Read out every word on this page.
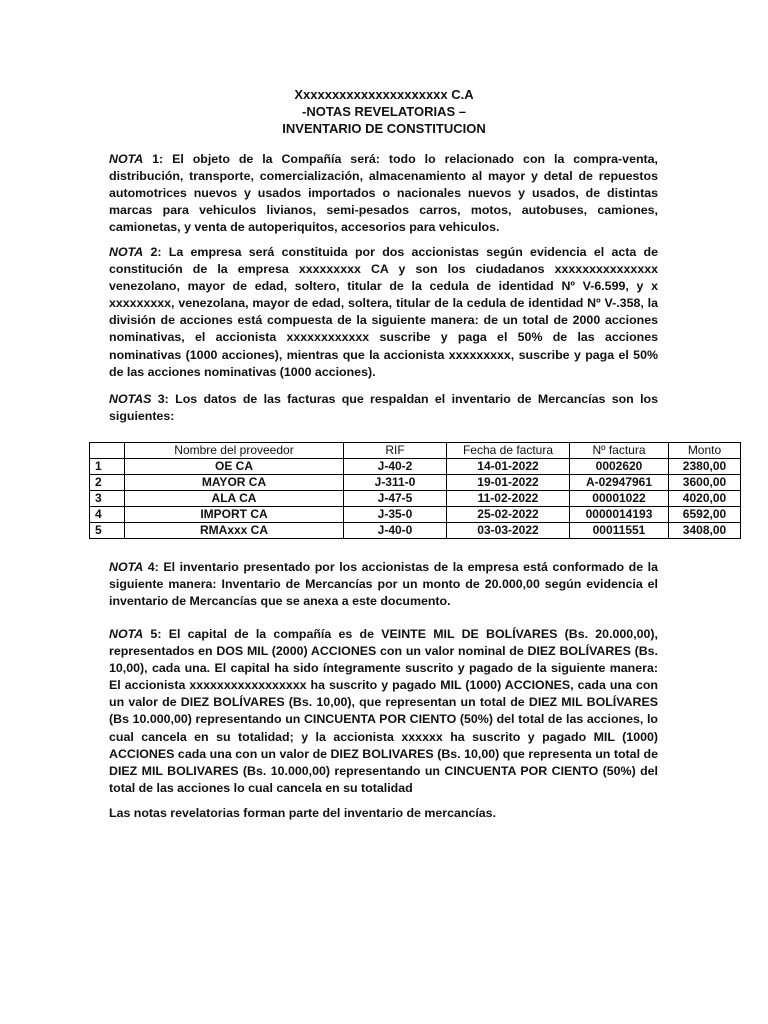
Xxxxxxxxxxxxxxxxxxxxx C.A
-NOTAS REVELATORIAS –
INVENTARIO DE CONSTITUCION

NOTA 1: El objeto de la Compañía será: todo lo relacionado con la compra-venta, distribución, transporte, comercialización, almacenamiento al mayor y detal de repuestos automotrices nuevos y usados importados o nacionales nuevos y usados, de distintas marcas para vehiculos livianos, semi-pesados carros, motos, autobuses, camiones, camionetas, y venta de autoperiquitos, accesorios para vehiculos.

NOTA 2: La empresa será constituida por dos accionistas según evidencia el acta de constitución de la empresa xxxxxxxxx CA y son los ciudadanos xxxxxxxxxxxxxxx venezolano, mayor de edad, soltero, titular de la cedula de identidad Nº V-6.599, y x xxxxxxxxx, venezolana, mayor de edad, soltera, titular de la cedula de identidad Nº V-.358, la división de acciones está compuesta de la siguiente manera: de un total de 2000 acciones nominativas, el accionista xxxxxxxxxxxx suscribe y paga el 50% de las acciones nominativas (1000 acciones), mientras que la accionista xxxxxxxxx, suscribe y paga el 50% de las acciones nominativas (1000 acciones).

NOTAS 3: Los datos de las facturas que respaldan el inventario de Mercancías son los siguientes:

	Nombre del proveedor	RIF	Fecha de factura	Nº factura	Monto
1	OE CA	J-40-2	14-01-2022	0002620	2380,00
2	MAYOR CA	J-311-0	19-01-2022	A-02947961	3600,00
3	ALA CA	J-47-5	11-02-2022	00001022	4020,00
4	IMPORT CA	J-35-0	25-02-2022	0000014193	6592,00
5	RMAxxx CA	J-40-0	03-03-2022	00011551	3408,00

NOTA 4: El inventario presentado por los accionistas de la empresa está conformado de la siguiente manera: Inventario de Mercancías por un monto de 20.000,00 según evidencia el inventario de Mercancías que se anexa a este documento.

NOTA 5: El capital de la compañía es de VEINTE MIL DE BOLÍVARES (Bs. 20.000,00), representados en DOS MIL (2000) ACCIONES con un valor nominal de DIEZ BOLÍVARES (Bs. 10,00), cada una. El capital ha sido íntegramente suscrito y pagado de la siguiente manera: El accionista xxxxxxxxxxxxxxxxx ha suscrito y pagado MIL (1000) ACCIONES, cada una con un valor de DIEZ BOLÍVARES (Bs. 10,00), que representan un total de DIEZ MIL BOLÍVARES (Bs 10.000,00) representando un CINCUENTA POR CIENTO (50%) del total de las acciones, lo cual cancela en su totalidad; y la accionista xxxxxx ha suscrito y pagado MIL (1000) ACCIONES cada una con un valor de DIEZ BOLIVARES (Bs. 10,00) que representa un total de DIEZ MIL BOLIVARES (Bs. 10.000,00) representando un CINCUENTA POR CIENTO (50%) del total de las acciones lo cual cancela en su totalidad

Las notas revelatorias forman parte del inventario de mercancías.
